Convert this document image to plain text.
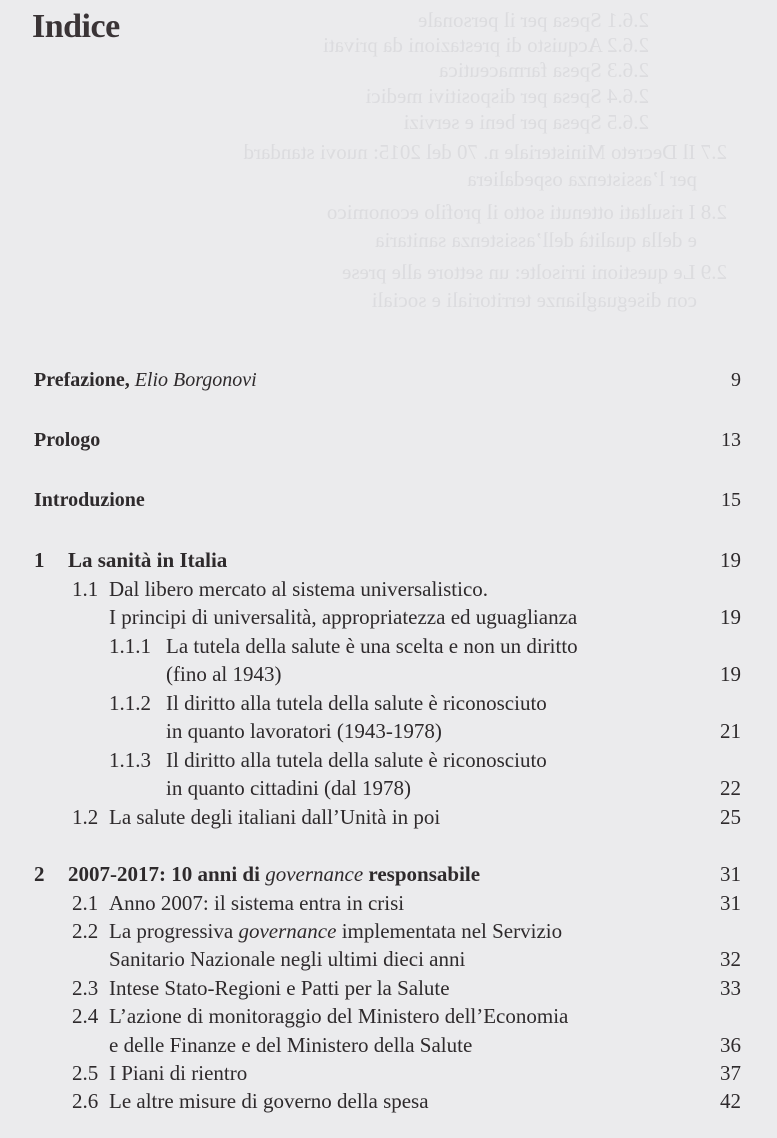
2.6.1 Spesa per il personale
2.6.2 Acquisto di prestazioni da privati
2.6.3 Spesa farmaceutica
2.6.4 Spesa per dispositivi medici
2.6.5 Spesa per beni e servizi
2.7 Il Decreto Ministeriale n. 70 del 2015: nuovi standard
per l’assistenza ospedaliera
2.8 I risultati ottenuti sotto il profilo economico
e della qualità dell’assistenza sanitaria
2.9 Le questioni irrisolte: un settore alle prese
con diseguaglianze territoriali e sociali
Indice
Prefazione, Elio Borgonovi	9
Prologo	13
Introduzione	15
1 La sanità in Italia	19
1.1 Dal libero mercato al sistema universalistico.
I principi di universalità, appropriatezza ed uguaglianza	19
1.1.1 La tutela della salute è una scelta e non un diritto
(fino al 1943)	19
1.1.2 Il diritto alla tutela della salute è riconosciuto
in quanto lavoratori (1943-1978)	21
1.1.3 Il diritto alla tutela della salute è riconosciuto
in quanto cittadini (dal 1978)	22
1.2 La salute degli italiani dall’Unità in poi	25
2 2007-2017: 10 anni di governance responsabile	31
2.1 Anno 2007: il sistema entra in crisi	31
2.2 La progressiva governance implementata nel Servizio
Sanitario Nazionale negli ultimi dieci anni	32
2.3 Intese Stato-Regioni e Patti per la Salute	33
2.4 L’azione di monitoraggio del Ministero dell’Economia
e delle Finanze e del Ministero della Salute	36
2.5 I Piani di rientro	37
2.6 Le altre misure di governo della spesa	42
